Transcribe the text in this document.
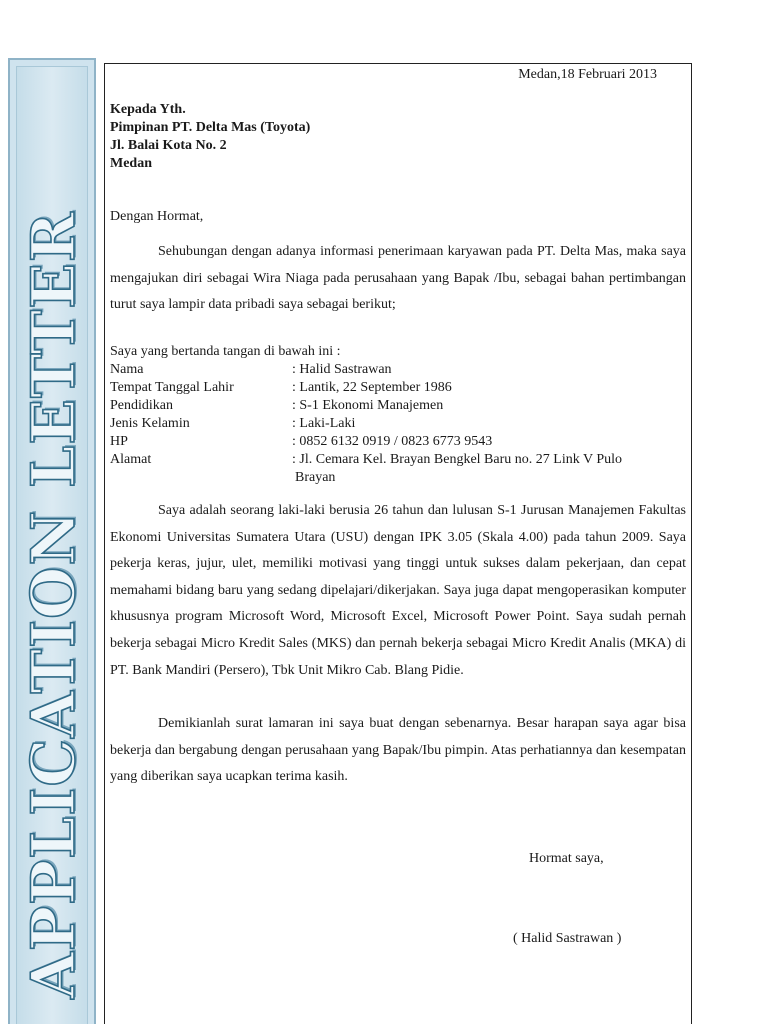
APPLICATION LETTER
Medan,18 Februari 2013
Kepada Yth.
Pimpinan PT. Delta Mas (Toyota)
Jl. Balai Kota No. 2
Medan
Dengan Hormat,
Sehubungan dengan adanya informasi penerimaan karyawan pada PT. Delta Mas, maka saya mengajukan diri sebagai Wira Niaga pada perusahaan yang Bapak /Ibu, sebagai bahan pertimbangan turut saya lampir data pribadi saya sebagai berikut;
Saya yang bertanda tangan di bawah ini :
Nama	: Halid Sastrawan
Tempat Tanggal Lahir	: Lantik, 22 September 1986
Pendidikan	: S-1 Ekonomi Manajemen
Jenis Kelamin	: Laki-Laki
HP	: 0852 6132 0919 / 0823 6773 9543
Alamat	: Jl. Cemara Kel. Brayan Bengkel Baru no. 27 Link V Pulo
Brayan
Saya adalah seorang laki-laki berusia 26 tahun dan lulusan S-1 Jurusan Manajemen Fakultas Ekonomi Universitas Sumatera Utara (USU) dengan IPK 3.05 (Skala 4.00) pada tahun 2009. Saya pekerja keras, jujur, ulet, memiliki motivasi yang tinggi untuk sukses dalam pekerjaan, dan cepat memahami bidang baru yang sedang dipelajari/dikerjakan. Saya juga dapat mengoperasikan komputer khususnya program Microsoft Word, Microsoft Excel, Microsoft Power Point. Saya sudah pernah bekerja sebagai Micro Kredit Sales (MKS) dan pernah bekerja sebagai Micro Kredit Analis (MKA) di PT. Bank Mandiri (Persero), Tbk Unit Mikro Cab. Blang Pidie.
Demikianlah surat lamaran ini saya buat dengan sebenarnya. Besar harapan saya agar bisa bekerja dan bergabung dengan perusahaan yang Bapak/Ibu pimpin. Atas perhatiannya dan kesempatan yang diberikan saya ucapkan terima kasih.
Hormat saya,
( Halid Sastrawan )
